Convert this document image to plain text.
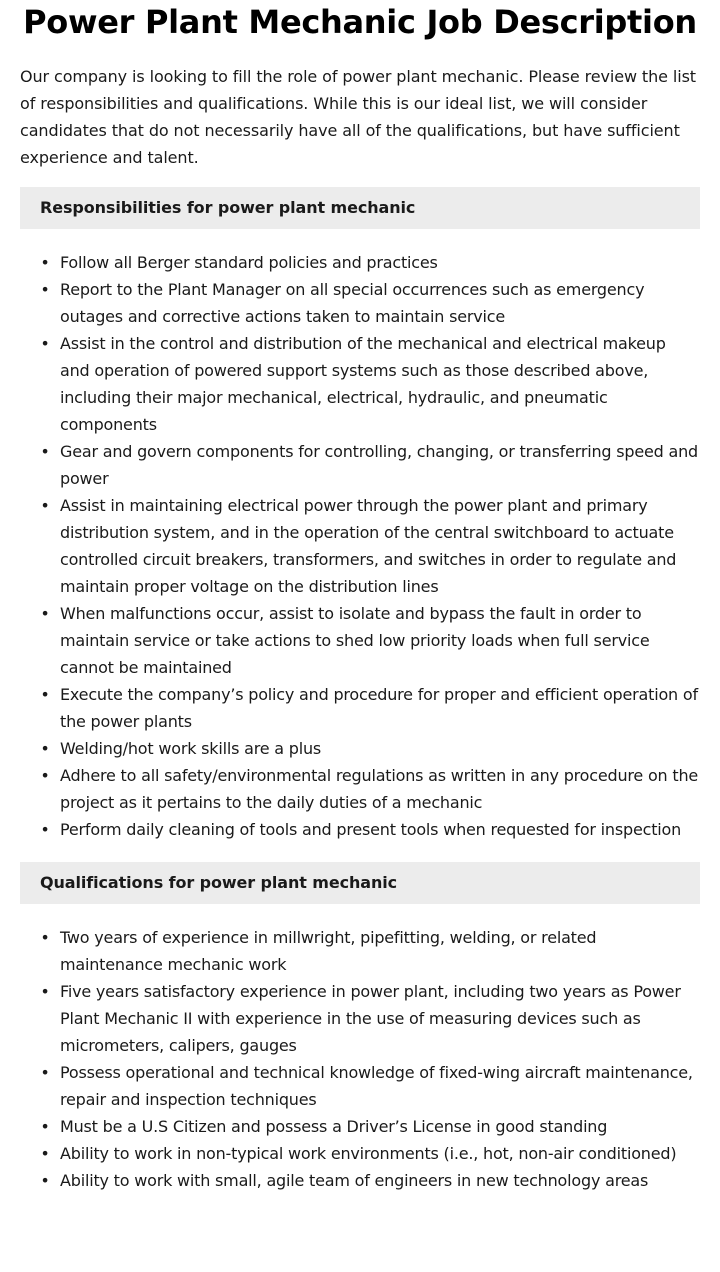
Power Plant Mechanic Job Description

Our company is looking to fill the role of power plant mechanic. Please review the list of responsibilities and qualifications. While this is our ideal list, we will consider candidates that do not necessarily have all of the qualifications, but have sufficient experience and talent.

Responsibilities for power plant mechanic
• Follow all Berger standard policies and practices
• Report to the Plant Manager on all special occurrences such as emergency outages and corrective actions taken to maintain service
• Assist in the control and distribution of the mechanical and electrical makeup and operation of powered support systems such as those described above, including their major mechanical, electrical, hydraulic, and pneumatic components
• Gear and govern components for controlling, changing, or transferring speed and power
• Assist in maintaining electrical power through the power plant and primary distribution system, and in the operation of the central switchboard to actuate controlled circuit breakers, transformers, and switches in order to regulate and maintain proper voltage on the distribution lines
• When malfunctions occur, assist to isolate and bypass the fault in order to maintain service or take actions to shed low priority loads when full service cannot be maintained
• Execute the company’s policy and procedure for proper and efficient operation of the power plants
• Welding/hot work skills are a plus
• Adhere to all safety/environmental regulations as written in any procedure on the project as it pertains to the daily duties of a mechanic
• Perform daily cleaning of tools and present tools when requested for inspection
Qualifications for power plant mechanic
• Two years of experience in millwright, pipefitting, welding, or related maintenance mechanic work
• Five years satisfactory experience in power plant, including two years as Power Plant Mechanic II with experience in the use of measuring devices such as micrometers, calipers, gauges
• Possess operational and technical knowledge of fixed-wing aircraft maintenance, repair and inspection techniques
• Must be a U.S Citizen and possess a Driver’s License in good standing
• Ability to work in non-typical work environments (i.e., hot, non-air conditioned)
• Ability to work with small, agile team of engineers in new technology areas
